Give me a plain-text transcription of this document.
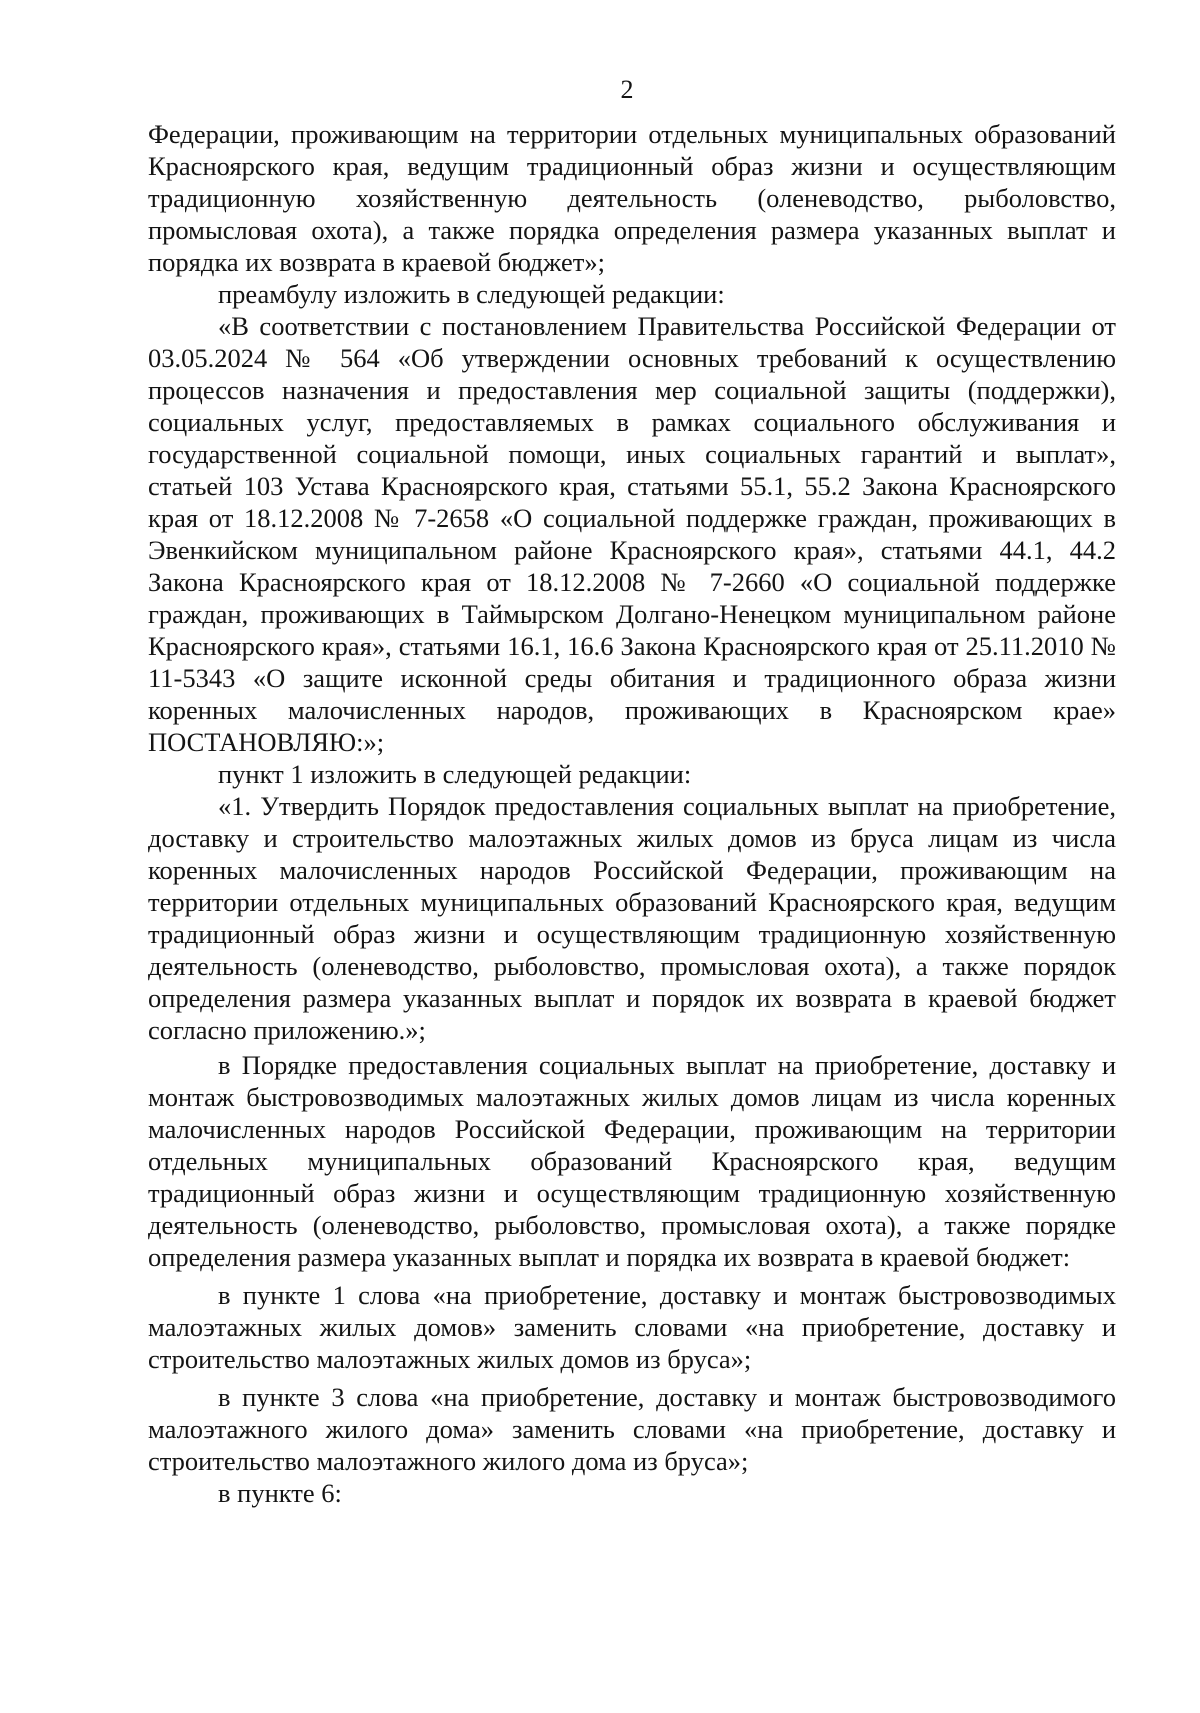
2

Федерации, проживающим на территории отдельных муниципальных образований Красноярского края, ведущим традиционный образ жизни и осуществляющим традиционную хозяйственную деятельность (оленеводство, рыболовство, промысловая охота), а также порядка определения размера указанных выплат и порядка их возврата в краевой бюджет»;

преамбулу изложить в следующей редакции:

«В соответствии с постановлением Правительства Российской Федерации от 03.05.2024 № 564 «Об утверждении основных требований к осуществлению процессов назначения и предоставления мер социальной защиты (поддержки), социальных услуг, предоставляемых в рамках социального обслуживания и государственной социальной помощи, иных социальных гарантий и выплат», статьей 103 Устава Красноярского края, статьями 55.1, 55.2 Закона Красноярского края от 18.12.2008 № 7-2658 «О социальной поддержке граждан, проживающих в Эвенкийском муниципальном районе Красноярского края», статьями 44.1, 44.2 Закона Красноярского края от 18.12.2008 № 7-2660 «О социальной поддержке граждан, проживающих в Таймырском Долгано-Ненецком муниципальном районе Красноярского края», статьями 16.1, 16.6 Закона Красноярского края от 25.11.2010 № 11-5343 «О защите исконной среды обитания и традиционного образа жизни коренных малочисленных народов, проживающих в Красноярском крае» ПОСТАНОВЛЯЮ:»;

пункт 1 изложить в следующей редакции:

«1. Утвердить Порядок предоставления социальных выплат на приобретение, доставку и строительство малоэтажных жилых домов из бруса лицам из числа коренных малочисленных народов Российской Федерации, проживающим на территории отдельных муниципальных образований Красноярского края, ведущим традиционный образ жизни и осуществляющим традиционную хозяйственную деятельность (оленеводство, рыболовство, промысловая охота), а также порядок определения размера указанных выплат и порядок их возврата в краевой бюджет согласно приложению.»;

в Порядке предоставления социальных выплат на приобретение, доставку и монтаж быстровозводимых малоэтажных жилых домов лицам из числа коренных малочисленных народов Российской Федерации, проживающим на территории отдельных муниципальных образований Красноярского края, ведущим традиционный образ жизни и осуществляющим традиционную хозяйственную деятельность (оленеводство, рыболовство, промысловая охота), а также порядке определения размера указанных выплат и порядка их возврата в краевой бюджет:

в пункте 1 слова «на приобретение, доставку и монтаж быстровозводимых малоэтажных жилых домов» заменить словами «на приобретение, доставку и строительство малоэтажных жилых домов из бруса»;

в пункте 3 слова «на приобретение, доставку и монтаж быстровозводимого малоэтажного жилого дома» заменить словами «на приобретение, доставку и строительство малоэтажного жилого дома из бруса»;

в пункте 6:
